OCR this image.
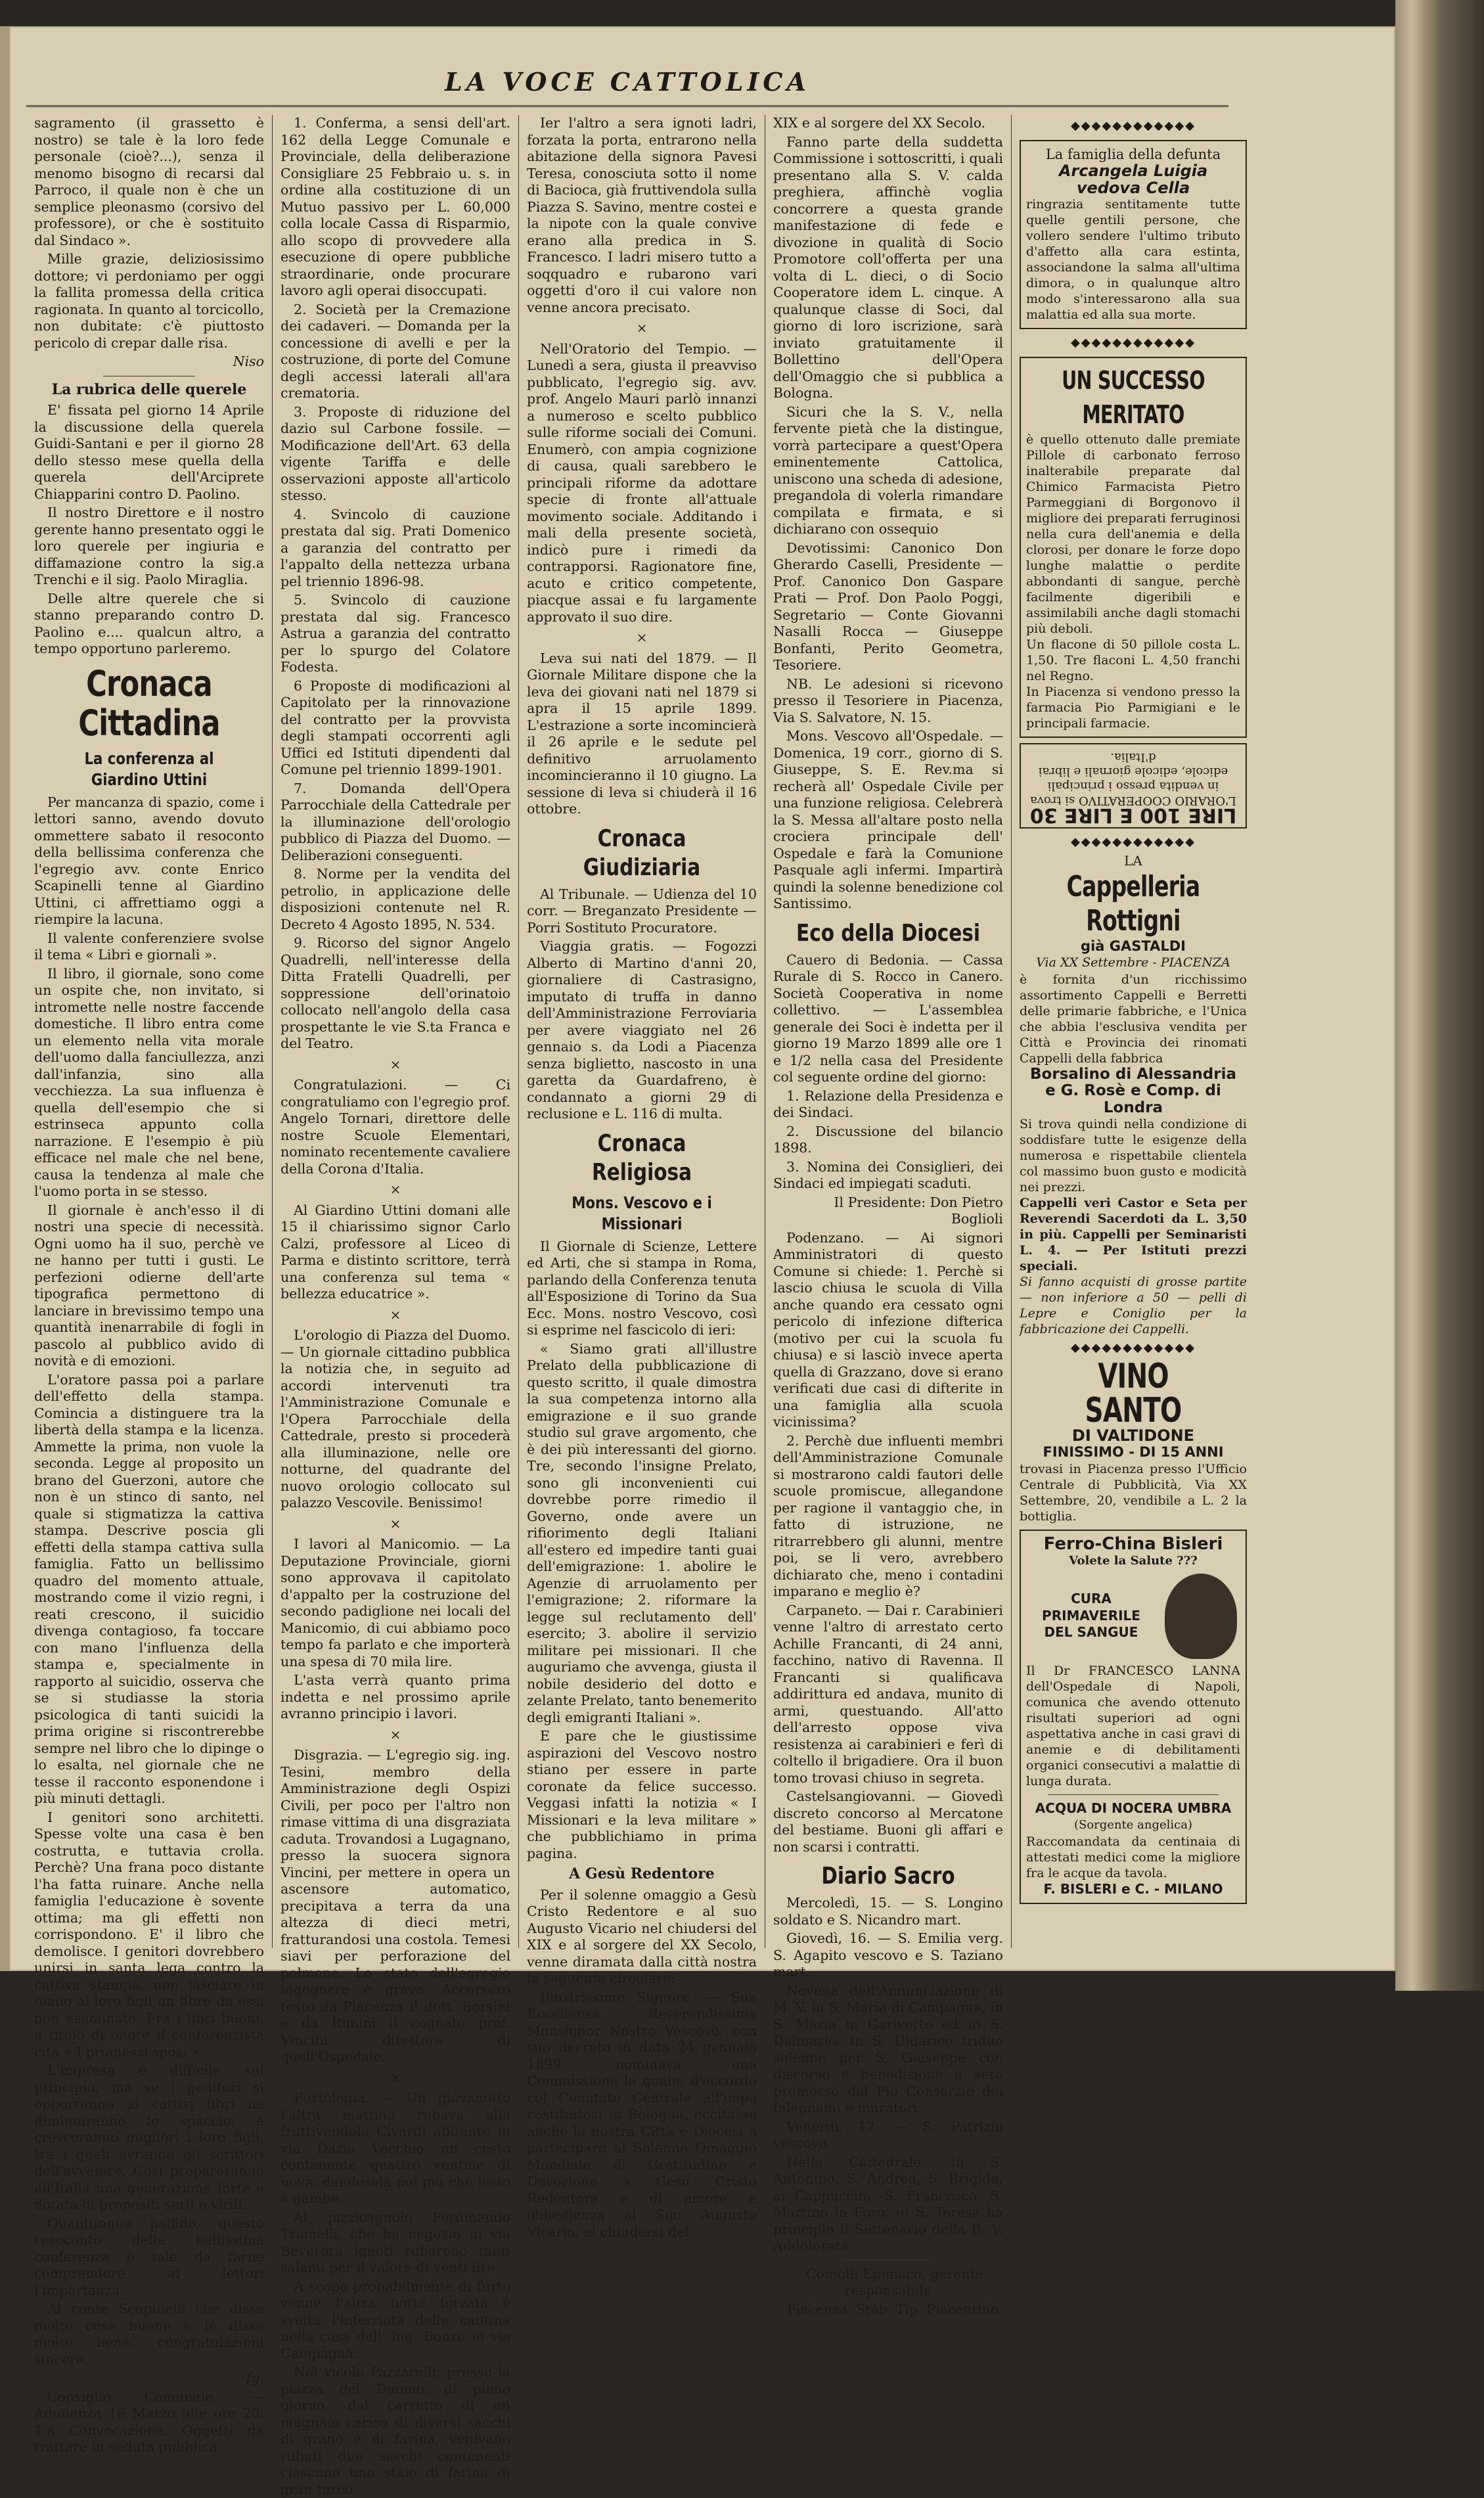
LA VOCE CATTOLICA

sagramento (il grassetto è nostro) se tale è la loro fede personale (cioè?...), senza il menomo bisogno di recarsi dal Parroco, il quale non è che un semplice pleonasmo (corsivo del professore), or che è sostituito dal Sindaco ».

Mille grazie, deliziosissimo dottore; vi perdoniamo per oggi la fallita promessa della critica ragionata. In quanto al torcicollo, non dubitate: c'è piuttosto pericolo di crepar dalle risa.

Niso

La rubrica delle querele

E' fissata pel giorno 14 Aprile la discussione della querela Guidi-Santani e per il giorno 28 dello stesso mese quella della querela dell'Arciprete Chiapparini contro D. Paolino.

Il nostro Direttore e il nostro gerente hanno presentato oggi le loro querele per ingiuria e diffamazione contro la sig.a Trenchi e il sig. Paolo Miraglia.

Delle altre querele che si stanno preparando contro D. Paolino e.... qualcun altro, a tempo opportuno parleremo.

Cronaca Cittadina
La conferenza al Giardino Uttini

Per mancanza di spazio, come i lettori sanno, avendo dovuto ommettere sabato il resoconto della bellissima conferenza che l'egregio avv. conte Enrico Scapinelli tenne al Giardino Uttini, ci affrettiamo oggi a riempire la lacuna.

Il valente conferenziere svolse il tema « Libri e giornali ».

Il libro, il giornale, sono come un ospite che, non invitato, si intromette nelle nostre faccende domestiche. Il libro entra come un elemento nella vita morale dell'uomo dalla fanciullezza, anzi dall'infanzia, sino alla vecchiezza. La sua influenza è quella dell'esempio che si estrinseca appunto colla narrazione. E l'esempio è più efficace nel male che nel bene, causa la tendenza al male che l'uomo porta in se stesso.

Il giornale è anch'esso il di nostri una specie di necessità. Ogni uomo ha il suo, perchè ve ne hanno per tutti i gusti. Le perfezioni odierne dell'arte tipografica permettono di lanciare in brevissimo tempo una quantità inenarrabile di fogli in pascolo al pubblico avido di novità e di emozioni.

L'oratore passa poi a parlare dell'effetto della stampa. Comincia a distinguere tra la libertà della stampa e la licenza. Ammette la prima, non vuole la seconda. Legge al proposito un brano del Guerzoni, autore che non è un stinco di santo, nel quale si stigmatizza la cattiva stampa. Descrive poscia gli effetti della stampa cattiva sulla famiglia. Fatto un bellissimo quadro del momento attuale, mostrando come il vizio regni, i reati crescono, il suicidio divenga contagioso, fa toccare con mano l'influenza della stampa e, specialmente in rapporto al suicidio, osserva che se si studiasse la storia psicologica di tanti suicidi la prima origine si riscontrerebbe sempre nel libro che lo dipinge o lo esalta, nel giornale che ne tesse il racconto esponendone i più minuti dettagli.

I genitori sono architetti. Spesse volte una casa è ben costrutta, e tuttavia crolla. Perchè? Una frana poco distante l'ha fatta ruinare. Anche nella famiglia l'educazione è sovente ottima; ma gli effetti non corrispondono. E' il libro che demolisce. I genitori dovrebbero unirsi in santa lega contro la cattiva stampa, non lasciare in mano ai loro figli un libro da essi non esaminato. Fra i libri buoni, a titolo di onore il conferenzista cita « I promessi sposi ».

L'impresa è difficile sul principio, ma se i genitori si opporranno ai cattivi libri ne diminuiranno lo spaccio, e cresceranno migliori i loro figli, tra i quali avranno gli scrittori dell'avvenire. Così prepareranno all'Italia una generazione forte e dotata di propositi serii e virili.

Quantunque pallido, questo resoconto della bellissima conferenza è tale da farne comprendere ai lettori l'importanza.

Al conte Scapinelli che disse molte cose buone e le disse molto bene, congratulazioni sincere.

fg.

Consiglio Comunale. — Adunanza 16 Marzo alle ore 20. 1.a Convocazione. Oggetti da trattare in seduta pubblica:

1. Conferma, a sensi dell'art. 162 della Legge Comunale e Provinciale, della deliberazione Consigliare 25 Febbraio u. s. in ordine alla costituzione di un Mutuo passivo per L. 60,000 colla locale Cassa di Risparmio, allo scopo di provvedere alla esecuzione di opere pubbliche straordinarie, onde procurare lavoro agli operai disoccupati.

2. Società per la Cremazione dei cadaveri. — Domanda per la concessione di avelli e per la costruzione, di porte del Comune degli accessi laterali all'ara crematoria.

3. Proposte di riduzione del dazio sul Carbone fossile. — Modificazione dell'Art. 63 della vigente Tariffa e delle osservazioni apposte all'articolo stesso.

4. Svincolo di cauzione prestata dal sig. Prati Domenico a garanzia del contratto per l'appalto della nettezza urbana pel triennio 1896-98.

5. Svincolo di cauzione prestata dal sig. Francesco Astrua a garanzia del contratto per lo spurgo del Colatore Fodesta.

6 Proposte di modificazioni al Capitolato per la rinnovazione del contratto per la provvista degli stampati occorrenti agli Uffici ed Istituti dipendenti dal Comune pel triennio 1899-1901.

7. Domanda dell'Opera Parrocchiale della Cattedrale per la illuminazione dell'orologio pubblico di Piazza del Duomo. — Deliberazioni conseguenti.

8. Norme per la vendita del petrolio, in applicazione delle disposizioni contenute nel R. Decreto 4 Agosto 1895, N. 534.

9. Ricorso del signor Angelo Quadrelli, nell'interesse della Ditta Fratelli Quadrelli, per soppressione dell'orinatoio collocato nell'angolo della casa prospettante le vie S.ta Franca e del Teatro.

×

Congratulazioni. — Ci congratuliamo con l'egregio prof. Angelo Tornari, direttore delle nostre Scuole Elementari, nominato recentemente cavaliere della Corona d'Italia.

×

Al Giardino Uttini domani alle 15 il chiarissimo signor Carlo Calzi, professore al Liceo di Parma e distinto scrittore, terrà una conferenza sul tema « bellezza educatrice ».

×

L'orologio di Piazza del Duomo. — Un giornale cittadino pubblica la notizia che, in seguito ad accordi intervenuti tra l'Amministrazione Comunale e l'Opera Parrocchiale della Cattedrale, presto si procederà alla illuminazione, nelle ore notturne, del quadrante del nuovo orologio collocato sul palazzo Vescovile. Benissimo!

×

I lavori al Manicomio. — La Deputazione Provinciale, giorni sono approvava il capitolato d'appalto per la costruzione del secondo padiglione nei locali del Manicomio, di cui abbiamo poco tempo fa parlato e che importerà una spesa di 70 mila lire.

L'asta verrà quanto prima indetta e nel prossimo aprile avranno principio i lavori.

×

Disgrazia. — L'egregio sig. ing. Tesini, membro della Amministrazione degli Ospizi Civili, per poco per l'altro non rimase vittima di una disgraziata caduta. Trovandosi a Lugagnano, presso la suocera signora Vincini, per mettere in opera un ascensore automatico, precipitava a terra da una altezza di dieci metri, fratturandosi una costola. Temesi siavi per perforazione del polmone. Lo stato dell'egregio ingegnere è grave. Accorsero tosto da Piacenza il dott. Borsini e da Rimini il cognato prof. Vincini direttore di quell'Ospedale.

×

Furtologia. — Un giovanotto l'altra mattina rubava alla fruttivendola Civardi abitante in via Dazio Vecchio un cesto contenente quattro ventine di uova, dandosela poi più che lesto a gambe.

Al pizzicagnolo Ferdinando Tramelli, che ha negozio in via Beverora ignoti rubarono tanti salami per il valore di venti lire.

A scopo probabilmente di furto venne l'altra notte forzata e svelta l'inferriata della cantina nella casa dell' ing. Bonzè in via Campagna.

Nel vicolo Pazzarelli, presso la piazza del Duomo, di pieno giorno, dal carretto di un mugnaio carico di diversi sacchi di grano e di farina, venivano rubati due sacchi contenenti ciascuno uno staio di farina di gran turco.

Ier l'altro a sera ignoti ladri, forzata la porta, entrarono nella abitazione della signora Pavesi Teresa, conosciuta sotto il nome di Bacioca, già fruttivendola sulla Piazza S. Savino, mentre costei e la nipote con la quale convive erano alla predica in S. Francesco. I ladri misero tutto a soqquadro e rubarono vari oggetti d'oro il cui valore non venne ancora precisato.

×

Nell'Oratorio del Tempio. — Lunedì a sera, giusta il preavviso pubblicato, l'egregio sig. avv. prof. Angelo Mauri parlò innanzi a numeroso e scelto pubblico sulle riforme sociali dei Comuni. Enumerò, con ampia cognizione di causa, quali sarebbero le principali riforme da adottare specie di fronte all'attuale movimento sociale. Additando i mali della presente società, indicò pure i rimedi da contrapporsi. Ragionatore fine, acuto e critico competente, piacque assai e fu largamente approvato il suo dire.

×

Leva sui nati del 1879. — Il Giornale Militare dispone che la leva dei giovani nati nel 1879 si apra il 15 aprile 1899. L'estrazione a sorte incomincierà il 26 aprile e le sedute pel definitivo arruolamento incomincieranno il 10 giugno. La sessione di leva si chiuderà il 16 ottobre.

Cronaca Giudiziaria

Al Tribunale. — Udienza del 10 corr. — Breganzato Presidente — Porri Sostituto Procuratore.

Viaggia gratis. — Fogozzi Alberto di Martino d'anni 20, giornaliere di Castrasigno, imputato di truffa in danno dell'Amministrazione Ferroviaria per avere viaggiato nel 26 gennaio s. da Lodi a Piacenza senza biglietto, nascosto in una garetta da Guardafreno, è condannato a giorni 29 di reclusione e L. 116 di multa.

Cronaca Religiosa
Mons. Vescovo e i Missionari

Il Giornale di Scienze, Lettere ed Arti, che si stampa in Roma, parlando della Conferenza tenuta all'Esposizione di Torino da Sua Ecc. Mons. nostro Vescovo, così si esprime nel fascicolo di ieri:

« Siamo grati all'illustre Prelato della pubblicazione di questo scritto, il quale dimostra la sua competenza intorno alla emigrazione e il suo grande studio sul grave argomento, che è dei più interessanti del giorno. Tre, secondo l'insigne Prelato, sono gli inconvenienti cui dovrebbe porre rimedio il Governo, onde avere un rifiorimento degli Italiani all'estero ed impedire tanti guai dell'emigrazione: 1. abolire le Agenzie di arruolamento per l'emigrazione; 2. riformare la legge sul reclutamento dell' esercito; 3. abolire il servizio militare pei missionari. Il che auguriamo che avvenga, giusta il nobile desiderio del dotto e zelante Prelato, tanto benemerito degli emigranti Italiani ».

E pare che le giustissime aspirazioni del Vescovo nostro stiano per essere in parte coronate da felice successo. Veggasi infatti la notizia « I Missionari e la leva militare » che pubblichiamo in prima pagina.

A Gesù Redentore

Per il solenne omaggio a Gesù Cristo Redentore e al suo Augusto Vicario nel chiudersi del XIX e al sorgere del XX Secolo, venne diramata dalla città nostra la seguente circolare:

Illustrissimo Signore. — Sua Eccellenza Reverendissima Monsignor Nostro Vescovo, con suo decreto in data 24 gennaio 1899, nominava una Commissione la quale, d'accordo col Comitato Centrale all'uopo costituitosi in Bologna, eccitasse anche la nostra Città e Diocesi a partecipare al Solenne Omaggio Mondiale di Gratitudine e Devozione a Gesù Cristo Redentore e di amore e obbedienza al Suo Augusto Vicario, al chiudersi del

XIX e al sorgere del XX Secolo.

Fanno parte della suddetta Commissione i sottoscritti, i quali presentano alla S. V. calda preghiera, affinchè voglia concorrere a questa grande manifestazione di fede e divozione in qualità di Socio Promotore coll'offerta per una volta di L. dieci, o di Socio Cooperatore idem L. cinque. A qualunque classe di Soci, dal giorno di loro iscrizione, sarà inviato gratuitamente il Bollettino dell'Opera dell'Omaggio che si pubblica a Bologna.

Sicuri che la S. V., nella fervente pietà che la distingue, vorrà partecipare a quest'Opera eminentemente Cattolica, uniscono una scheda di adesione, pregandola di volerla rimandare compilata e firmata, e si dichiarano con ossequio

Devotissimi: Canonico Don Gherardo Caselli, Presidente — Prof. Canonico Don Gaspare Prati — Prof. Don Paolo Poggi, Segretario — Conte Giovanni Nasalli Rocca — Giuseppe Bonfanti, Perito Geometra, Tesoriere.

NB. Le adesioni si ricevono presso il Tesoriere in Piacenza, Via S. Salvatore, N. 15.

Mons. Vescovo all'Ospedale. — Domenica, 19 corr., giorno di S. Giuseppe, S. E. Rev.ma si recherà all' Ospedale Civile per una funzione religiosa. Celebrerà la S. Messa all'altare posto nella crociera principale dell' Ospedale e farà la Comunione Pasquale agli infermi. Impartirà quindi la solenne benedizione col Santissimo.

Eco della Diocesi

Cauero di Bedonia. — Cassa Rurale di S. Rocco in Canero. Società Cooperativa in nome collettivo. — L'assemblea generale dei Soci è indetta per il giorno 19 Marzo 1899 alle ore 1 e 1/2 nella casa del Presidente col seguente ordine del giorno:

1. Relazione della Presidenza e dei Sindaci.

2. Discussione del bilancio 1898.

3. Nomina dei Consiglieri, dei Sindaci ed impiegati scaduti.

Il Presidente: Don Pietro Boglioli

Podenzano. — Ai signori Amministratori di questo Comune si chiede: 1. Perchè si lascio chiusa le scuola di Villa anche quando era cessato ogni pericolo di infezione difterica (motivo per cui la scuola fu chiusa) e si lasciò invece aperta quella di Grazzano, dove si erano verificati due casi di difterite in una famiglia alla scuola vicinissima?

2. Perchè due influenti membri dell'Amministrazione Comunale si mostrarono caldi fautori delle scuole promiscue, allegandone per ragione il vantaggio che, in fatto di istruzione, ne ritrarrebbero gli alunni, mentre poi, se li vero, avrebbero dichiarato che, meno i contadini imparano e meglio è?

Carpaneto. — Dai r. Carabinieri venne l'altro di arrestato certo Achille Francanti, di 24 anni, facchino, nativo di Ravenna. Il Francanti si qualificava addirittura ed andava, munito di armi, questuando. All'atto dell'arresto oppose viva resistenza ai carabinieri e ferì di coltello il brigadiere. Ora il buon tomo trovasi chiuso in segreta.

Castelsangiovanni. — Giovedì discreto concorso al Mercatone del bestiame. Buoni gli affari e non scarsi i contratti.

Diario Sacro

Mercoledì, 15. — S. Longino soldato e S. Nicandro mart.

Giovedì, 16. — S. Emilia verg. S. Agapito vescovo e S. Taziano mart.

Novena dell'Annunciazione di M. V. in S. Maria di Campagna, in S. Maria in Gariverto ed in S. Dalmazio. In S. Uldarico triduo solenne per S. Giuseppe con discorso e benedizione a sera promosso dal Pio Consorzio dei falegnami e muratori.

Venerdì, 17. — S. Patrizio vescovo.

Nella Cattedrale, in S. Antonino, S. Andrea, S. Brigida, ai Cappuccini, S. Francesco, S. Martino in Foro, in S. Teresa ha principio il Settenario della B. V. Addolorata.

Comolli Epimaco, gerente responsabile

Piacenza. Stab. Tip. Piacentino.

◆◆◆◆◆◆◆◆◆◆◆◆
La famiglia della defunta
Arcangela Luigia vedova Cella
ringrazia sentitamente tutte quelle gentili persone, che vollero sendere l'ultimo tributo d'affetto alla cara estinta, associandone la salma all'ultima dimora, o in qualunque altro modo s'interessarono alla sua malattia ed alla sua morte.
◆◆◆◆◆◆◆◆◆◆◆◆
UN SUCCESSO MERITATO
è quello ottenuto dalle premiate Pillole di carbonato ferroso inalterabile preparate dal Chimico Farmacista Pietro Parmeggiani di Borgonovo il migliore dei preparati ferruginosi nella cura dell'anemia e della clorosi, per donare le forze dopo lunghe malattie o perdite abbondanti di sangue, perchè facilmente digeribili e assimilabili anche dagli stomachi più deboli.
Un flacone di 50 pillole costa L. 1,50. Tre flaconi L. 4,50 franchi nel Regno.
In Piacenza si vendono presso la farmacia Pio Parmigiani e le principali farmacie.
L'ORARIO COOPERATIVO si trova in vendita presso i principali edicole, edicole giornali e librai d'Italia.
LIRE 100 E LIRE 30
◆◆◆◆◆◆◆◆◆◆◆◆
LA
Cappelleria Rottigni
già GASTALDI
Via XX Settembre - PIACENZA
è fornita d'un ricchissimo assortimento Cappelli e Berretti delle primarie fabbriche, e l'Unica che abbia l'esclusiva vendita per Città e Provincia dei rinomati Cappelli della fabbrica
Borsalino di Alessandria
e G. Rosè e Comp. di Londra
Si trova quindi nella condizione di soddisfare tutte le esigenze della numerosa e rispettabile clientela col massimo buon gusto e modicità nei prezzi.
Cappelli veri Castor e Seta per Reverendi Sacerdoti da L. 3,50 in più. Cappelli per Seminaristi L. 4. — Per Istituti prezzi speciali.
Si fanno acquisti di grosse partite — non inferiore a 50 — pelli di Lepre e Coniglio per la fabbricazione dei Cappelli.
◆◆◆◆◆◆◆◆◆◆◆◆
VINO SANTO
DI VALTIDONE
FINISSIMO - DI 15 ANNI
trovasi in Piacenza presso l'Ufficio Centrale di Pubblicità, Via XX Settembre, 20, vendibile a L. 2 la bottiglia.
Ferro-China Bisleri
Volete la Salute ???
CURA PRIMAVERILE DEL SANGUE
Il Dr FRANCESCO LANNA dell'Ospedale di Napoli, comunica che avendo ottenuto risultati superiori ad ogni aspettativa anche in casi gravi di anemie e di debilitamenti organici consecutivi a malattie di lunga durata.
ACQUA DI NOCERA UMBRA
(Sorgente angelica)
Raccomandata da centinaia di attestati medici come la migliore fra le acque da tavola.
F. BISLERI e C. - MILANO
